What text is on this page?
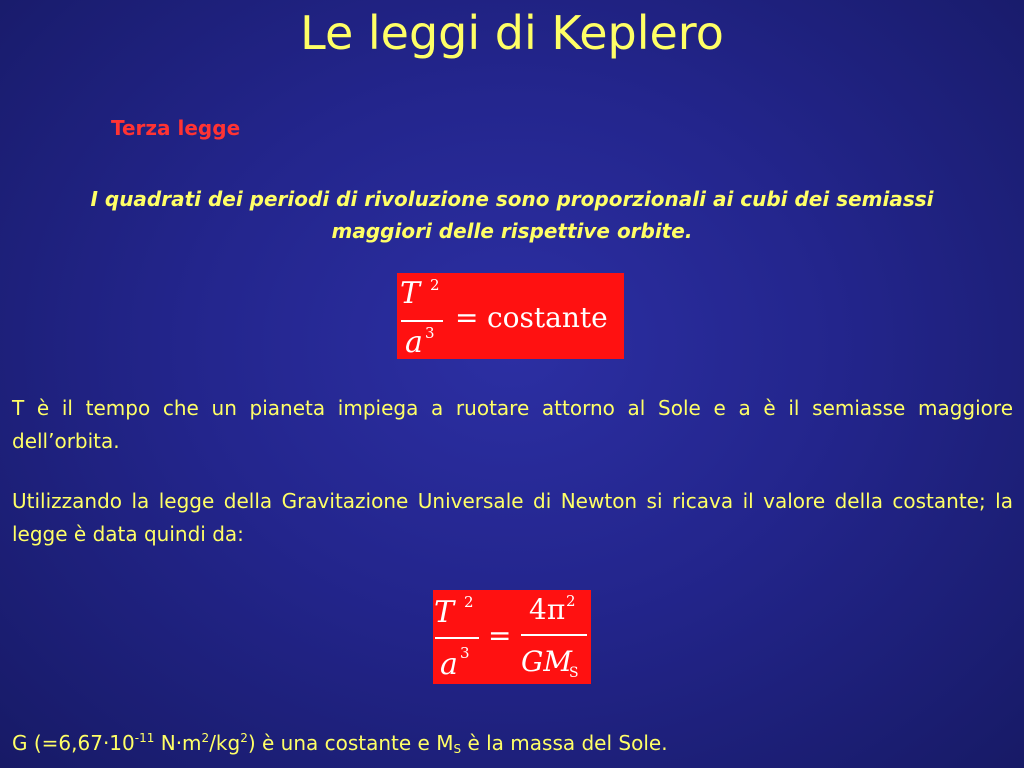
Le leggi di Keplero
Terza legge
I quadrati dei periodi di rivoluzione sono proporzionali ai cubi dei semiassi maggiori delle rispettive orbite.
T 2
a 3 = costante
T è il tempo che un pianeta impiega a ruotare attorno al Sole e a è il semiasse maggiore dell’orbita.
Utilizzando la legge della Gravitazione Universale di Newton si ricava il valore della costante; la legge è data quindi da:
T 2
a 3
=
4π 2
GM
S
G ($=6,67\cdot 10^{-11}$ $N\cdot m^2/kg^2$) è una costante e $M_S$ è la massa del Sole.
